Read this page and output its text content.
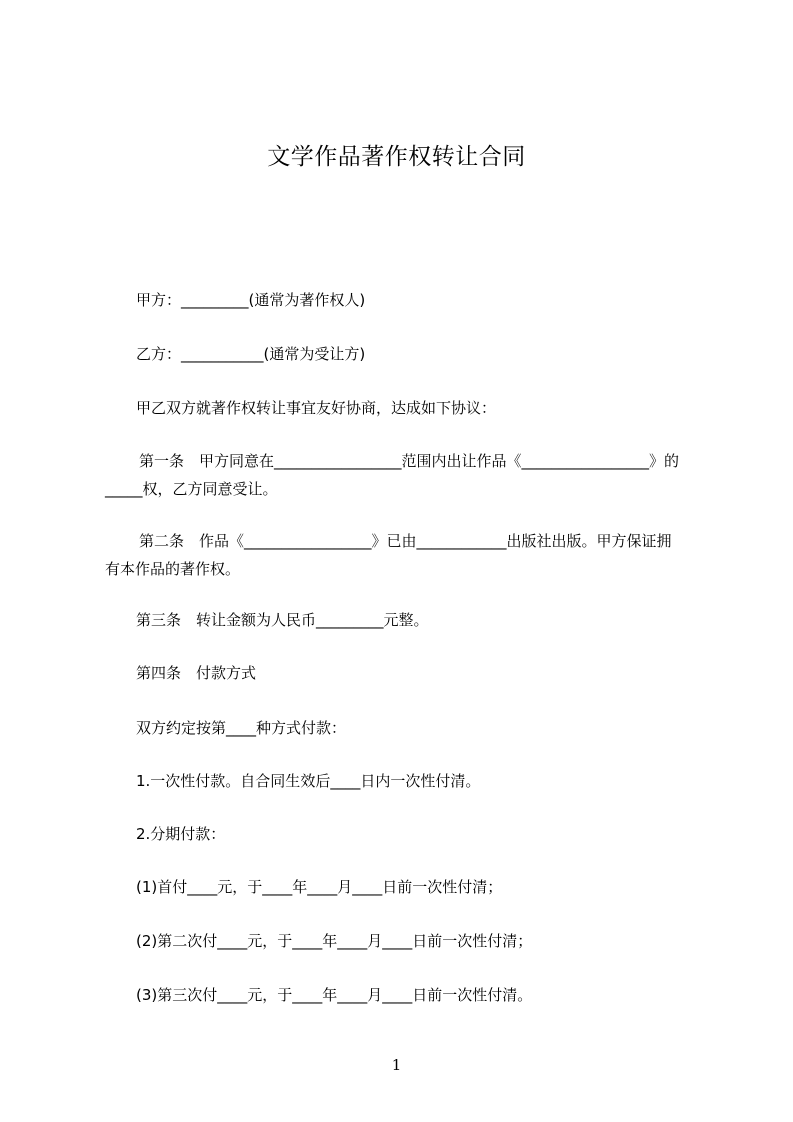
文学作品著作权转让合同
甲方：_________(通常为著作权人)
乙方：___________(通常为受让方)
甲乙双方就著作权转让事宜友好协商，达成如下协议：
第一条　甲方同意在_________________范围内出让作品《_________________》的
_____权，乙方同意受让。
第二条　作品《_________________》已由____________出版社出版。甲方保证拥
有本作品的著作权。
第三条　转让金额为人民币_________元整。
第四条　付款方式
双方约定按第____种方式付款：
1.一次性付款。自合同生效后____日内一次性付清。
2.分期付款：
(1)首付____元，于____年____月____日前一次性付清；
(2)第二次付____元，于____年____月____日前一次性付清；
(3)第三次付____元，于____年____月____日前一次性付清。
1
